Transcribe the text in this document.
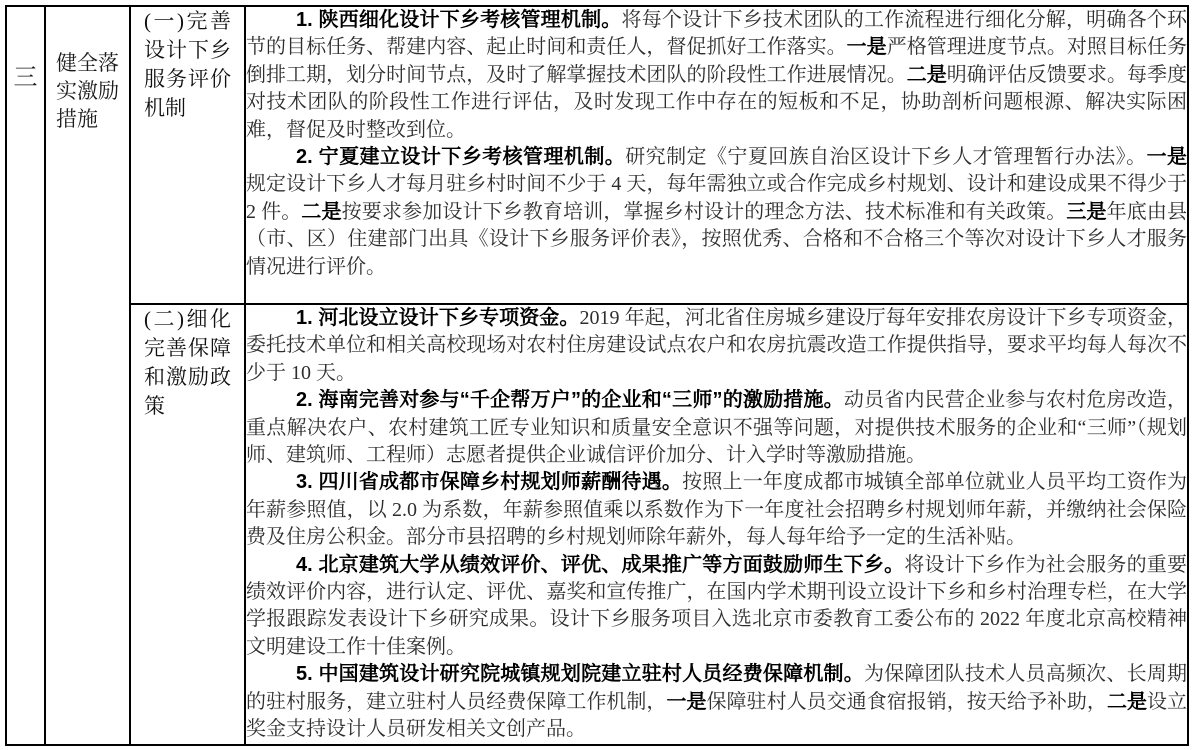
三	健全落实激励措施	(一)完善设计下乡服务评价机制	1. 陕西细化设计下乡考核管理机制。将每个设计下乡技术团队的工作流程进行细化分解，明确各个环节的目标任务、帮建内容、起止时间和责任人，督促抓好工作落实。一是严格管理进度节点。对照目标任务倒排工期，划分时间节点，及时了解掌握技术团队的阶段性工作进展情况。二是明确评估反馈要求。每季度对技术团队的阶段性工作进行评估，及时发现工作中存在的短板和不足，协助剖析问题根源、解决实际困难，督促及时整改到位。

2. 宁夏建立设计下乡考核管理机制。研究制定《宁夏回族自治区设计下乡人才管理暂行办法》。一是规定设计下乡人才每月驻乡村时间不少于 4 天，每年需独立或合作完成乡村规划、设计和建设成果不得少于 2 件。二是按要求参加设计下乡教育培训，掌握乡村设计的理念方法、技术标准和有关政策。三是年底由县（市、区）住建部门出具《设计下乡服务评价表》，按照优秀、合格和不合格三个等次对设计下乡人才服务情况进行评价。

		(二)细化完善保障和激励政策	1. 河北设立设计下乡专项资金。2019 年起，河北省住房城乡建设厅每年安排农房设计下乡专项资金，委托技术单位和相关高校现场对农村住房建设试点农户和农房抗震改造工作提供指导，要求平均每人每次不少于 10 天。

2. 海南完善对参与“千企帮万户”的企业和“三师”的激励措施。动员省内民营企业参与农村危房改造，重点解决农户、农村建筑工匠专业知识和质量安全意识不强等问题，对提供技术服务的企业和“三师”（规划师、建筑师、工程师）志愿者提供企业诚信评价加分、计入学时等激励措施。

3. 四川省成都市保障乡村规划师薪酬待遇。按照上一年度成都市城镇全部单位就业人员平均工资作为年薪参照值，以 2.0 为系数，年薪参照值乘以系数作为下一年度社会招聘乡村规划师年薪，并缴纳社会保险费及住房公积金。部分市县招聘的乡村规划师除年薪外，每人每年给予一定的生活补贴。

4. 北京建筑大学从绩效评价、评优、成果推广等方面鼓励师生下乡。将设计下乡作为社会服务的重要绩效评价内容，进行认定、评优、嘉奖和宣传推广，在国内学术期刊设立设计下乡和乡村治理专栏，在大学学报跟踪发表设计下乡研究成果。设计下乡服务项目入选北京市委教育工委公布的 2022 年度北京高校精神文明建设工作十佳案例。

5. 中国建筑设计研究院城镇规划院建立驻村人员经费保障机制。为保障团队技术人员高频次、长周期的驻村服务，建立驻村人员经费保障工作机制，一是保障驻村人员交通食宿报销，按天给予补助，二是设立奖金支持设计人员研发相关文创产品。
